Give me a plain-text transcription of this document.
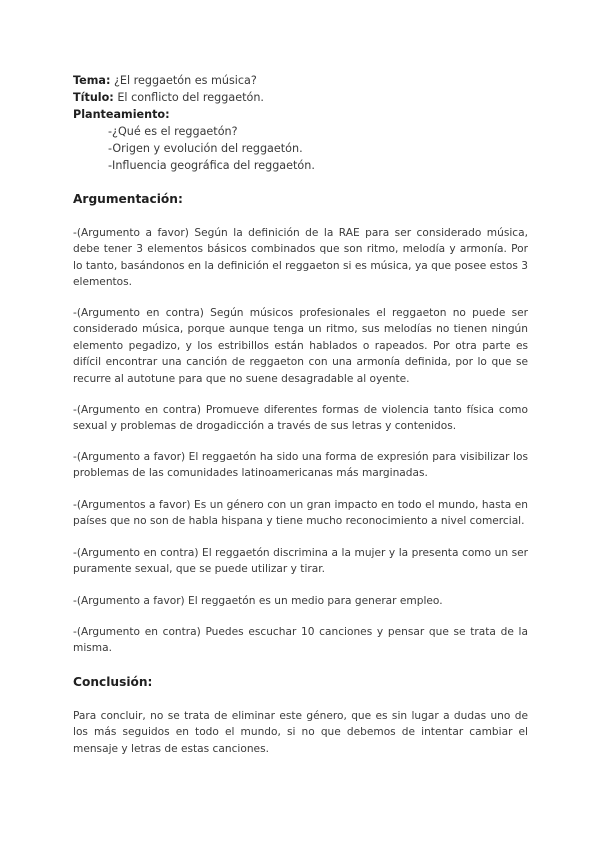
Tema: ¿El reggaetón es música?

Título: El conflicto del reggaetón.

Planteamiento:

-¿Qué es el reggaetón?

-Origen y evolución del reggaetón.

-Influencia geográfica del reggaetón.

Argumentación:

-(Argumento a favor) Según la definición de la RAE para ser considerado música, debe tener 3 elementos básicos combinados que son ritmo, melodía y armonía. Por lo tanto, basándonos en la definición el reggaeton si es música, ya que posee estos 3 elementos.

-(Argumento en contra) Según músicos profesionales el reggaeton no puede ser considerado música, porque aunque tenga un ritmo, sus melodías no tienen ningún elemento pegadizo, y los estribillos están hablados o rapeados. Por otra parte es difícil encontrar una canción de reggaeton con una armonía definida, por lo que se recurre al autotune para que no suene desagradable al oyente.

-(Argumento en contra) Promueve diferentes formas de violencia tanto física como sexual y problemas de drogadicción a través de sus letras y contenidos.

-(Argumento a favor) El reggaetón ha sido una forma de expresión para visibilizar los problemas de las comunidades latinoamericanas más marginadas.

-(Argumentos a favor) Es un género con un gran impacto en todo el mundo, hasta en países que no son de habla hispana y tiene mucho reconocimiento a nivel comercial.

-(Argumento en contra) El reggaetón discrimina a la mujer y la presenta como un ser puramente sexual, que se puede utilizar y tirar.

-(Argumento a favor) El reggaetón es un medio para generar empleo.

-(Argumento en contra) Puedes escuchar 10 canciones y pensar que se trata de la misma.

Conclusión:

Para concluir, no se trata de eliminar este género, que es sin lugar a dudas uno de los más seguidos en todo el mundo, si no que debemos de intentar cambiar el mensaje y letras de estas canciones.
